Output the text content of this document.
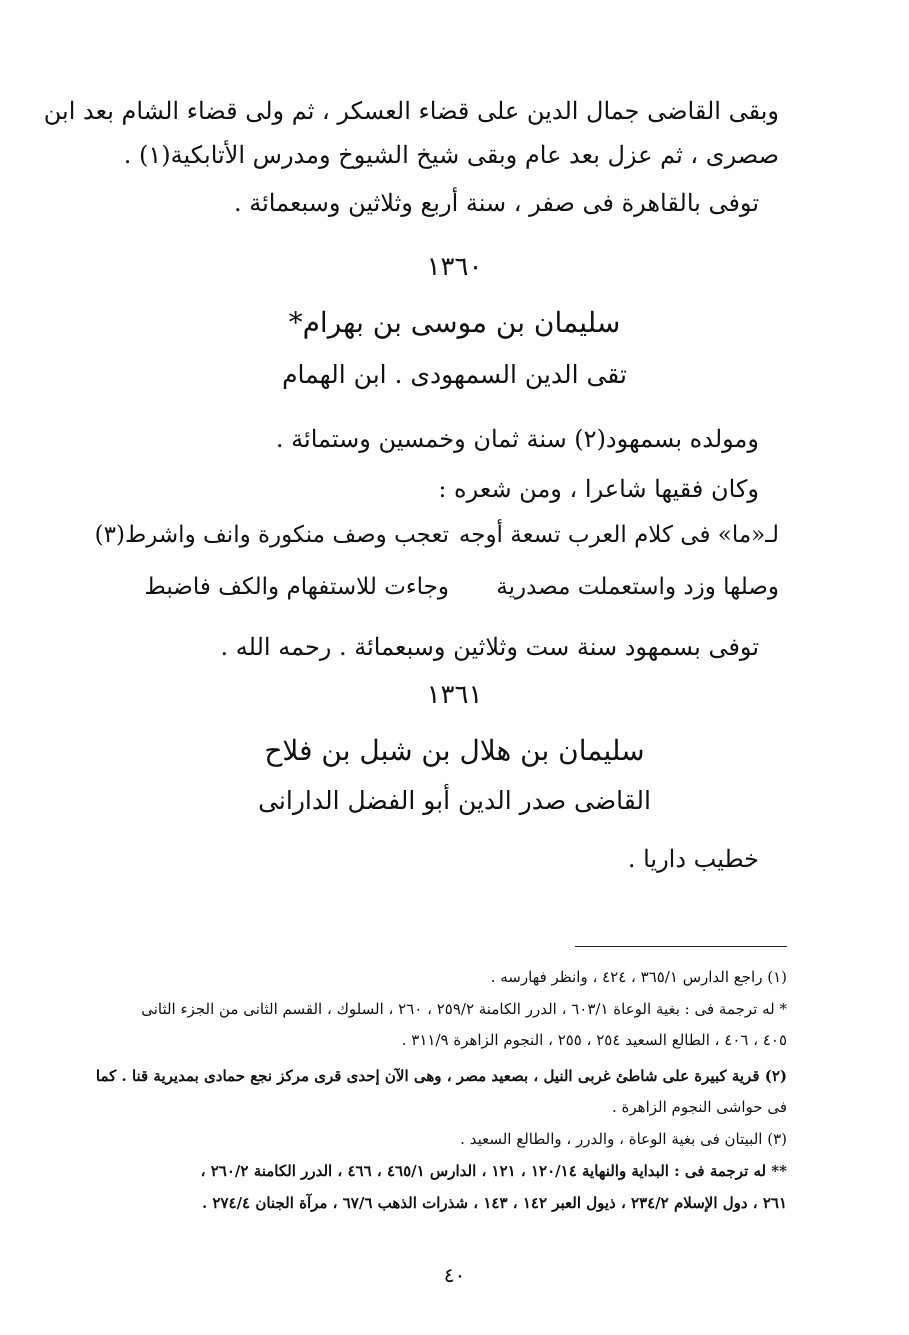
وبقى القاضى جمال الدين على قضاء العسكر ، ثم ولى قضاء الشام بعد ابن
صصرى ، ثم عزل بعد عام وبقى شيخ الشيوخ ومدرس الأتابكية(١) .
توفى بالقاهرة فى صفر ، سنة أربع وثلاثين وسبعمائة .
١٣٦٠
سليمان بن موسى بن بهرام*
تقى الدين السمهودى . ابن الهمام
ومولده بسمهود(٢) سنة ثمان وخمسين وستمائة .
وكان فقيها شاعرا ، ومن شعره :
لـ«ما» فى كلام العرب تسعة أوجه
تعجب وصف منكورة وانف واشرط(٣)
وصلها وزد واستعملت مصدرية
وجاءت للاستفهام والكف فاضبط
توفى بسمهود سنة ست وثلاثين وسبعمائة . رحمه الله .
١٣٦١
سليمان بن هلال بن شبل بن فلاح
القاضى صدر الدين أبو الفضل الدارانى
خطيب داريا .
(١) راجع الدارس ٣٦٥/١ ، ٤٢٤ ، وانظر فهارسه .
* له ترجمة فى : بغية الوعاة ٦٠٣/١ ، الدرر الكامنة ٢٥٩/٢ ، ٢٦٠ ، السلوك ، القسم الثانى من الجزء الثانى
٤٠٥ ، ٤٠٦ ، الطالع السعيد ٢٥٤ ، ٢٥٥ ، النجوم الزاهرة ٣١١/٩ .
(٢) قرية كبيرة على شاطئ غربى النيل ، بصعيد مصر ، وهى الآن إحدى قرى مركز نجع حمادى بمديرية قنا . كما
فى حواشى النجوم الزاهرة .
(٣) البيتان فى بغية الوعاة ، والدرر ، والطالع السعيد .
** له ترجمة فى : البداية والنهاية ١٢٠/١٤ ، ١٢١ ، الدارس ٤٦٥/١ ، ٤٦٦ ، الدرر الكامنة ٢٦٠/٢ ،
٢٦١ ، دول الإسلام ٢٣٤/٢ ، ذيول العبر ١٤٢ ، ١٤٣ ، شذرات الذهب ٦٧/٦ ، مرآة الجنان ٢٧٤/٤ .
٤٠
